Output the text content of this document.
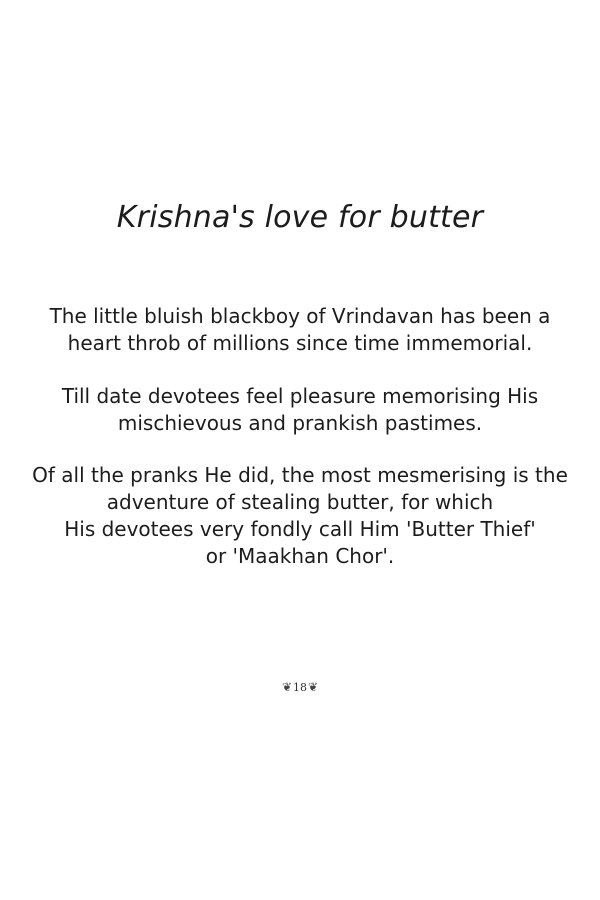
Krishna's love for butter

The little bluish blackboy of Vrindavan has been a
heart throb of millions since time immemorial.

Till date devotees feel pleasure memorising His
mischievous and prankish pastimes.

Of all the pranks He did, the most mesmerising is the
adventure of stealing butter, for which
His devotees very fondly call Him 'Butter Thief'
or 'Maakhan Chor'.

❦18❦
